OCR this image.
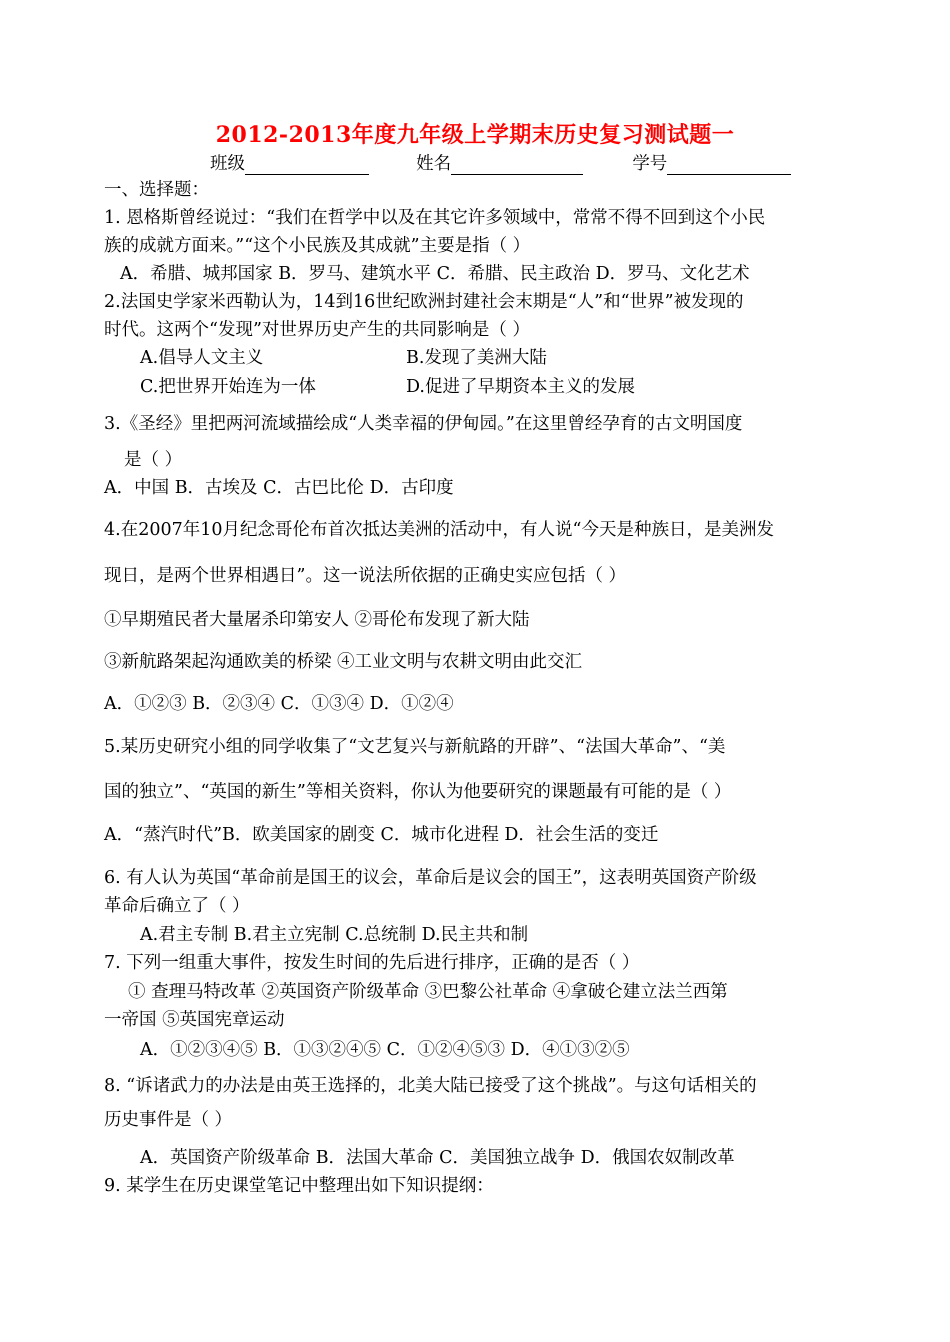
2012-2013年度九年级上学期末历史复习测试题一
班级	姓名	学号
一、选择题：
1. 恩格斯曾经说过：“我们在哲学中以及在其它许多领域中，常常不得不回到这个小民
族的成就方面来。”“这个小民族及其成就”主要是指（ ）
A．希腊、城邦国家 B．罗马、建筑水平 C．希腊、民主政治 D．罗马、文化艺术
2.法国史学家米西勒认为，14到16世纪欧洲封建社会末期是“人”和“世界”被发现的
时代。这两个“发现”对世界历史产生的共同影响是（ ）
A.倡导人文主义	B.发现了美洲大陆
C.把世界开始连为一体	D.促进了早期资本主义的发展
3.《圣经》里把两河流域描绘成“人类幸福的伊甸园。”在这里曾经孕育的古文明国度
是（ ）
A．中国 B．古埃及 C．古巴比伦 D．古印度
4.在2007年10月纪念哥伦布首次抵达美洲的活动中，有人说“今天是种族日，是美洲发
现日，是两个世界相遇日”。这一说法所依据的正确史实应包括（ ）
①早期殖民者大量屠杀印第安人 ②哥伦布发现了新大陆
③新航路架起沟通欧美的桥梁 ④工业文明与农耕文明由此交汇
A．①②③ B．②③④ C．①③④ D．①②④
5.某历史研究小组的同学收集了“文艺复兴与新航路的开辟”、“法国大革命”、“美
国的独立”、“英国的新生”等相关资料，你认为他要研究的课题最有可能的是（ ）
A．“蒸汽时代”B．欧美国家的剧变 C．城市化进程 D．社会生活的变迁
6. 有人认为英国“革命前是国王的议会，革命后是议会的国王”，这表明英国资产阶级
革命后确立了（ ）
A.君主专制 B.君主立宪制 C.总统制 D.民主共和制
7. 下列一组重大事件，按发生时间的先后进行排序，正确的是否（ ）
① 查理马特改革 ②英国资产阶级革命 ③巴黎公社革命 ④拿破仑建立法兰西第
一帝国 ⑤英国宪章运动
A．①②③④⑤ B．①③②④⑤ C．①②④⑤③ D．④①③②⑤
8. “诉诸武力的办法是由英王选择的，北美大陆已接受了这个挑战”。与这句话相关的
历史事件是（ ）
A．英国资产阶级革命 B．法国大革命 C．美国独立战争 D．俄国农奴制改革
9. 某学生在历史课堂笔记中整理出如下知识提纲：
